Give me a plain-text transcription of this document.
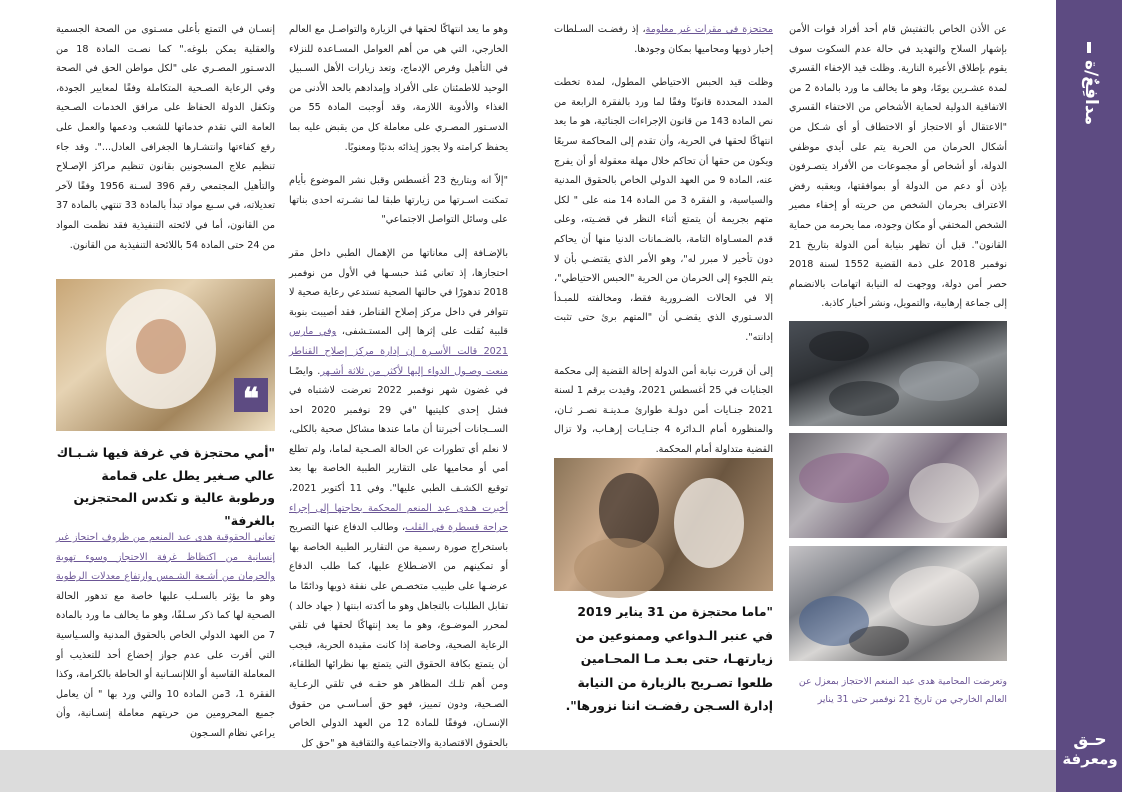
عن الأذن الخاص بالتفتيش قام أحد أفراد قوات الأمن بإشهار السلاح والتهديد في حالة عدم السكوت سوف يقوم بإطلاق الأعيرة النارية. وظلت قيد الإخفاء القسري لمدة عشـرين يومًا، وهو ما يخالف ما ورد بالمادة 2 من الاتفاقية الدولية لحماية الأشخاص من الاختفاء القسري "الاعتقال أو الاحتجاز أو الاختطاف أو أي شـكل من أشكال الحرمان من الحرية يتم على أيدي موظفي الدولة، أو أشخاص أو مجموعات من الأفراد يتصـرفون بإذن أو دعم من الدولة أو بموافقتها، ويعقبه رفض الاعتراف بحرمان الشخص من حريته أو إخفاء مصير الشخص المختفي أو مكان وجوده، مما يحرمه من حماية القانون". قبل أن تظهر بنيابة أمن الدولة بتاريخ 21 نوفمبر 2018 على ذمة القضية 1552 لسنة 2018 حصر أمن دولة، ووجهت له النيابة اتهامات بالانضمام إلى جماعة إرهابية، والتمويل، ونشر أخبار كاذبة.

وتعرضت المحامية هدى عبد المنعم الاحتجاز بمعزل عن العالم الخارجي من تاريخ 21 نوفمبر حتى 31 يناير

محتجزة في مقرات غير معلومة، إذ رفضـت السـلطات إخبار ذويها ومحاميها بمكان وجودها.

وظلت قيد الحبس الاحتياطي المطول، لمدة تخطت المدد المحددة قانونًا وفقًا لما ورد بالفقرة الرابعة من نص المادة 143 من قانون الإجراءات الجنائية، هو ما يعد انتهاكًا لحقها في الحرية، وأن تقدم إلى المحاكمة سريعًا ويكون من حقها أن تحاكم خلال مهلة معقولة أو أن يفرج عنه، المادة 9 من العهد الدولي الخاص بالحقوق المدنية والسياسية، و الفقرة 3 من المادة 14 منه على " لكل متهم بجريمة أن يتمتع أثناء النظر في قضـيته، وعلى قدم المسـاواة التامة، بالضـمانات الدنيا منها أن يحاكم دون تأخير لا مبرر له"، وهو الأمر الذي يقتضـي بأن لا يتم اللجوء إلى الحرمان من الحرية "الحبس الاحتياطي"، إلا في الحالات الضـرورية فقط، ومخالفته للمبـدأ الدسـتوري الذي يقضـي أن "المتهم برئ حتى تثبت إدانته".

إلى أن قررت نيابة أمن الدولة إحالة القضية إلى محكمة الجنايات في 25 أغسطس 2021، وقيدت برقم 1 لسنة 2021 جنـايات أمن دولـة طوارئ مـدينـة نصـر ثـان، والمنظورة أمام الـدائرة 4 جنـايـات إرهـاب، ولا تزال القضية متداولة أمام المحكمة.

"ماما محتجزة من 31 يناير 2019 في عنبر الـدواعي وممنوعين من زيارتهـا، حتى بعـد مـا المحـامين طلعوا تصـريح بالزيارة من النيابة إدارة السـجن رفضـت اننا نزورها".

وهو ما يعد انتهاكًا لحقها في الزيارة والتواصـل مع العالم الخارجي، التي هي من أهم العوامل المسـاعدة للنزلاء في التأهيل وفرص الإدماج، وتعد زيارات الأهل السـبيل الوحيد للاطمئنان على الأفراد وإمدادهم بالحد الأدنى من الغذاء والأدوية اللازمة، وقد أوجبت المادة 55 من الدسـتور المصـري على معاملة كل من يقبض عليه بما يحفظ كرامته ولا يجوز إيذائه بدنيًا ومعنويًا.

"إلاّ انه وبتاريخ 23 أغسطس وقبل نشر الموضوع بأيام تمكنت اسـرتها من زيارتها طبقا لما نشـرته احدى بناتها على وسائل التواصل الاجتماعي"

بالإضـافة إلى معاناتها من الإهمال الطبي داخل مقر احتجازها، إذ تعاني مُنذ حبسـها في الأول من نوفمبر 2018 تدهورًا في حالتها الصحية تستدعي رعاية صحية لا تتوافر في داخل مركز إصلاح القناطر، فقد أصيبت بنوبة قلبية نُقلت على إثرها إلى المستـشفى، وفي مارس 2021 قالت الأسـرة إن إدارة مركز إصلاح القناطر منعت وصـول الدواء إليها لأكثر من ثلاثة أشـهر. وايضًـا في غضون شهر نوفمبر 2022 تعرضت لاشتباه في فشل إحدى كليتيها "في 29 نوفمبر 2020 احد الســجانات أخبرتنا أن ماما عندها مشاكل صحية بالكلى، لا نعلم أي تطورات عن الحالة الصـحية لماما، ولم تطلع أمي أو محاميها على التقارير الطبية الخاصة بها بعد توقيع الكشـف الطبي عليها". وفي 11 أكتوبر 2021، أخبرت هـدى عبد المنعم المحكمة بحاجتها إلى إجراء جراحة قسطرة في القلب، وطالب الدفاع عنها التصريح باستخراج صورة رسمية من التقارير الطبية الخاصة بها أو تمكينهم من الاضـطلاع عليها، كما طلب الدفاع عرضـها على طبيب متخصـص على نفقة ذويها ودائمًا ما تقابل الطلبات بالتجاهل وهو ما أكدته ابنتها ( جهاد خالد ) لمحرر الموضـوع، وهو ما يعد إنتهاكًا لحقها في تلقي الرعاية الصحية، وخاصة إذا كانت مقيدة الحرية، فيجب أن يتمتع بكافة الحقوق التي يتمتع بها نظرائها الطلقاء، ومن أهم تلـك المظاهر هو حقـه في تلقي الرعـاية الصـحية، ودون تمييز، فهو حق أسـاسـي من حقوق الإنسـان، فوفقًا للمادة 12 من العهد الدولي الخاص بالحقوق الاقتصادية والاجتماعية والثقافية هو "حق كل

إنسـان في التمتع بأعلى مسـتوى من الصحة الجسمية والعقلية يمكن بلوغه." كما نصـت المادة 18 من الدسـتور المصـري على "لكل مواطن الحق في الصحة وفي الرعاية الصـحية المتكاملة وفقًا لمعايير الجودة، وتكفل الدولة الحفاظ على مرافق الخدمات الصـحية العامة التي تقدم خدماتها للشعب ودعمها والعمل على رفع كفاءتها وانتشـارها الجغرافى العادل...". وقد جاء تنظيم علاج المسجونين بقانون تنظيم مراكز الإصـلاح والتأهيل المجتمعي رقم 396 لسـنة 1956 وفقًا لآخر تعديلاته، في سـبع مواد تبدأ بالمادة 33 تنتهي بالمادة 37 من القانون، أما في لائحته التنفيذية فقد نظمت المواد من 24 حتى المادة 54 باللائحة التنفيذية من القانون.

❝
"أمي محتجزة في غرفة فيها شـبـاك عالي صـغير يطل على قمامة ورطوبة عالية و تكدس المحتجزين بالغرفة"

تعاني الحقوقية هدى عبد المنعم من ظروف احتجاز غير إنسانية من اكتظاظ غرفة الاحتجاز وسوء تهوية والحرمان من أشـعة الشـمس وارتفاع معدلات الرطوبة وهو ما يؤثر بالسـلب عليها خاصة مع تدهور الحالة الصحية لها كما ذكر سـلفًا، وهو ما يخالف ما ورد بالمادة 7 من العهد الدولي الخاص بالحقوق المدنية والسـياسية التي أقرت على عدم جواز إخضاع أحد للتعذيب أو المعاملة القاسية أو اللاإنسـانية أو الحاطة بالكرامة، وكذا الفقرة 1، 3من المادة 10 والتي ورد بها " أن يعامل جميع المحرومين من حريتهم معاملة إنسـانية، وأن يراعي نظام السـجون

مدافِعٌ/ة
حـق
ومعرفة
